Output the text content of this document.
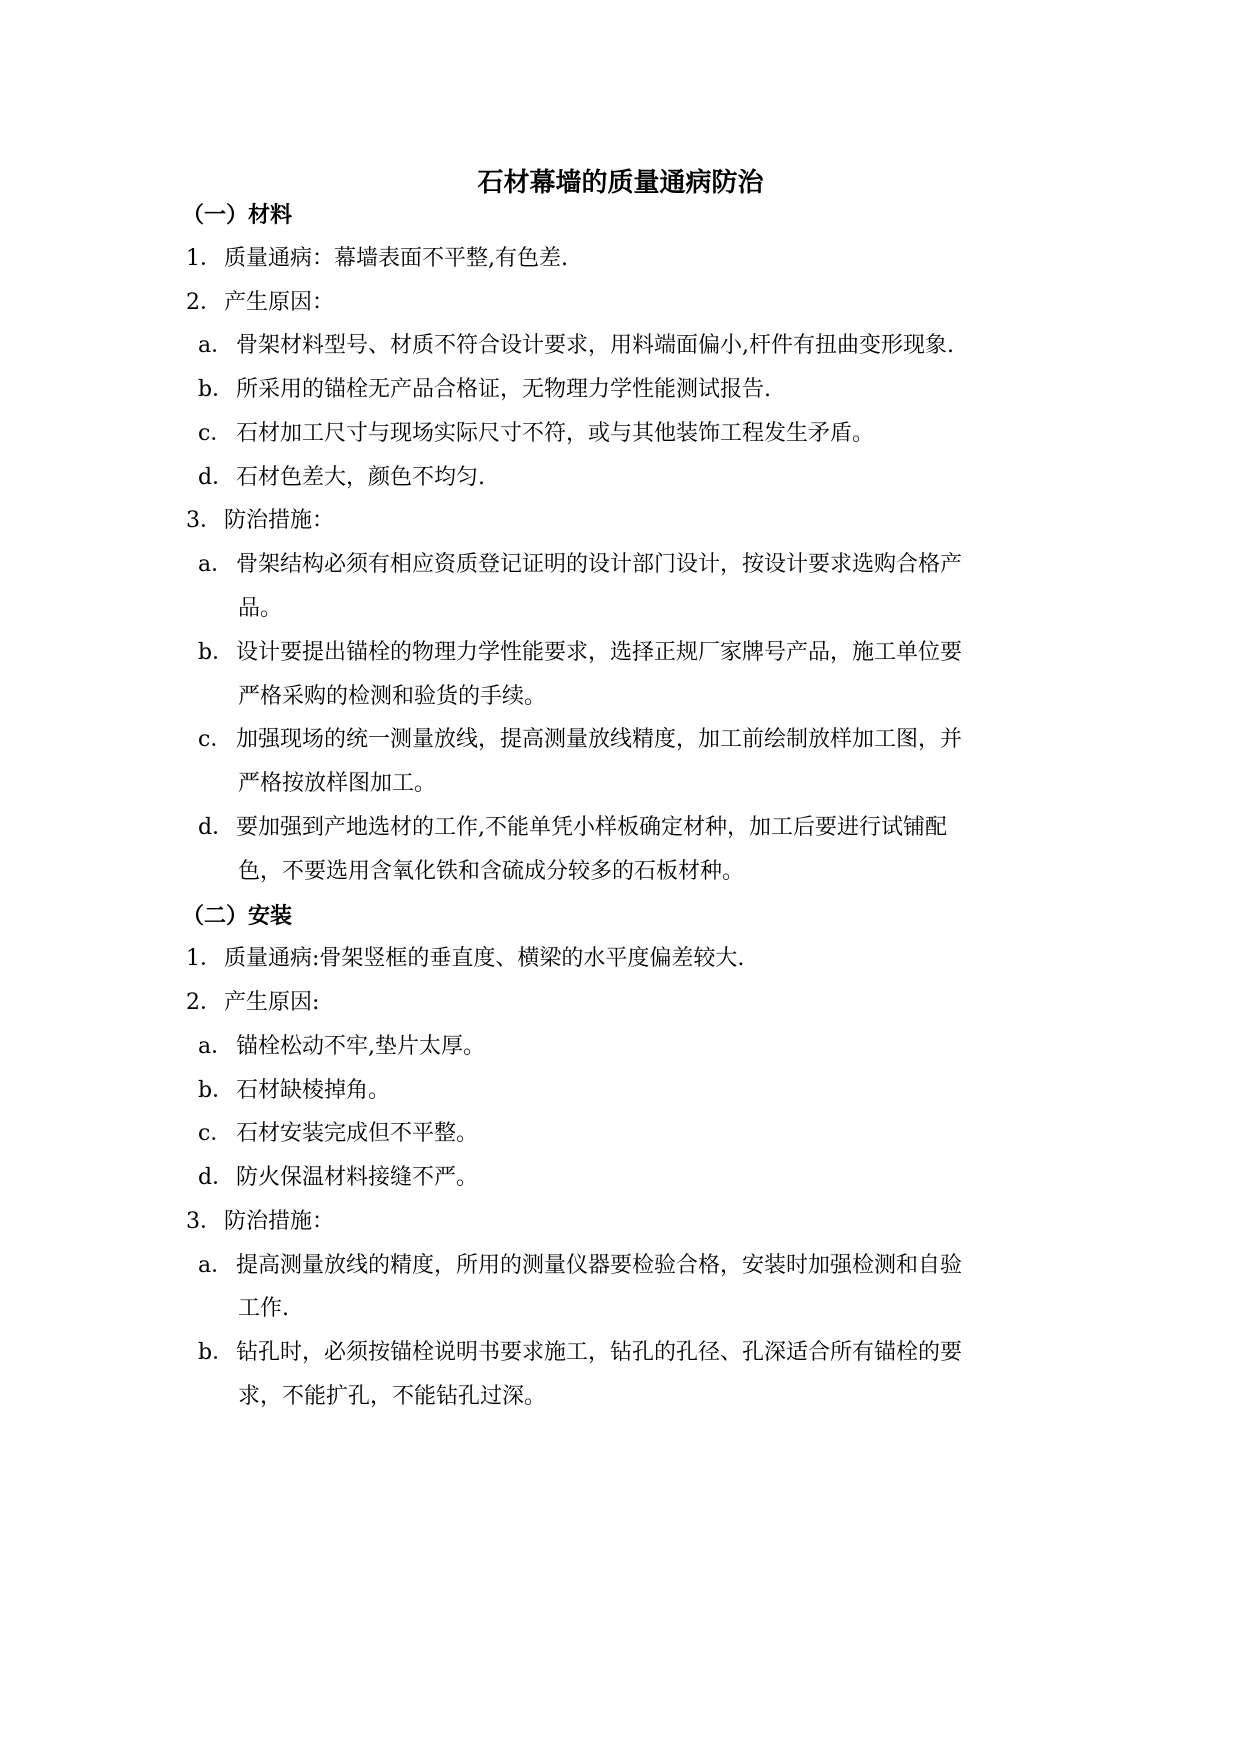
石材幕墙的质量通病防治
（一）材料
1．质量通病：幕墙表面不平整,有色差.
2．产生原因：
a． 骨架材料型号、材质不符合设计要求，用料端面偏小,杆件有扭曲变形现象.
b．所采用的锚栓无产品合格证，无物理力学性能测试报告.
c． 石材加工尺寸与现场实际尺寸不符，或与其他装饰工程发生矛盾。
d．石材色差大，颜色不均匀.
3．防治措施：
a． 骨架结构必须有相应资质登记证明的设计部门设计，按设计要求选购合格产
品。
b．设计要提出锚栓的物理力学性能要求，选择正规厂家牌号产品，施工单位要
严格采购的检测和验货的手续。
c． 加强现场的统一测量放线，提高测量放线精度，加工前绘制放样加工图，并
严格按放样图加工。
d．要加强到产地选材的工作,不能单凭小样板确定材种，加工后要进行试铺配
色，不要选用含氧化铁和含硫成分较多的石板材种。
（二）安装
1．质量通病:骨架竖框的垂直度、横梁的水平度偏差较大.
2．产生原因:
a． 锚栓松动不牢,垫片太厚。
b．石材缺棱掉角。
c． 石材安装完成但不平整。
d．防火保温材料接缝不严。
3．防治措施：
a． 提高测量放线的精度，所用的测量仪器要检验合格，安装时加强检测和自验
工作.
b．钻孔时，必须按锚栓说明书要求施工，钻孔的孔径、孔深适合所有锚栓的要
求，不能扩孔，不能钻孔过深。
